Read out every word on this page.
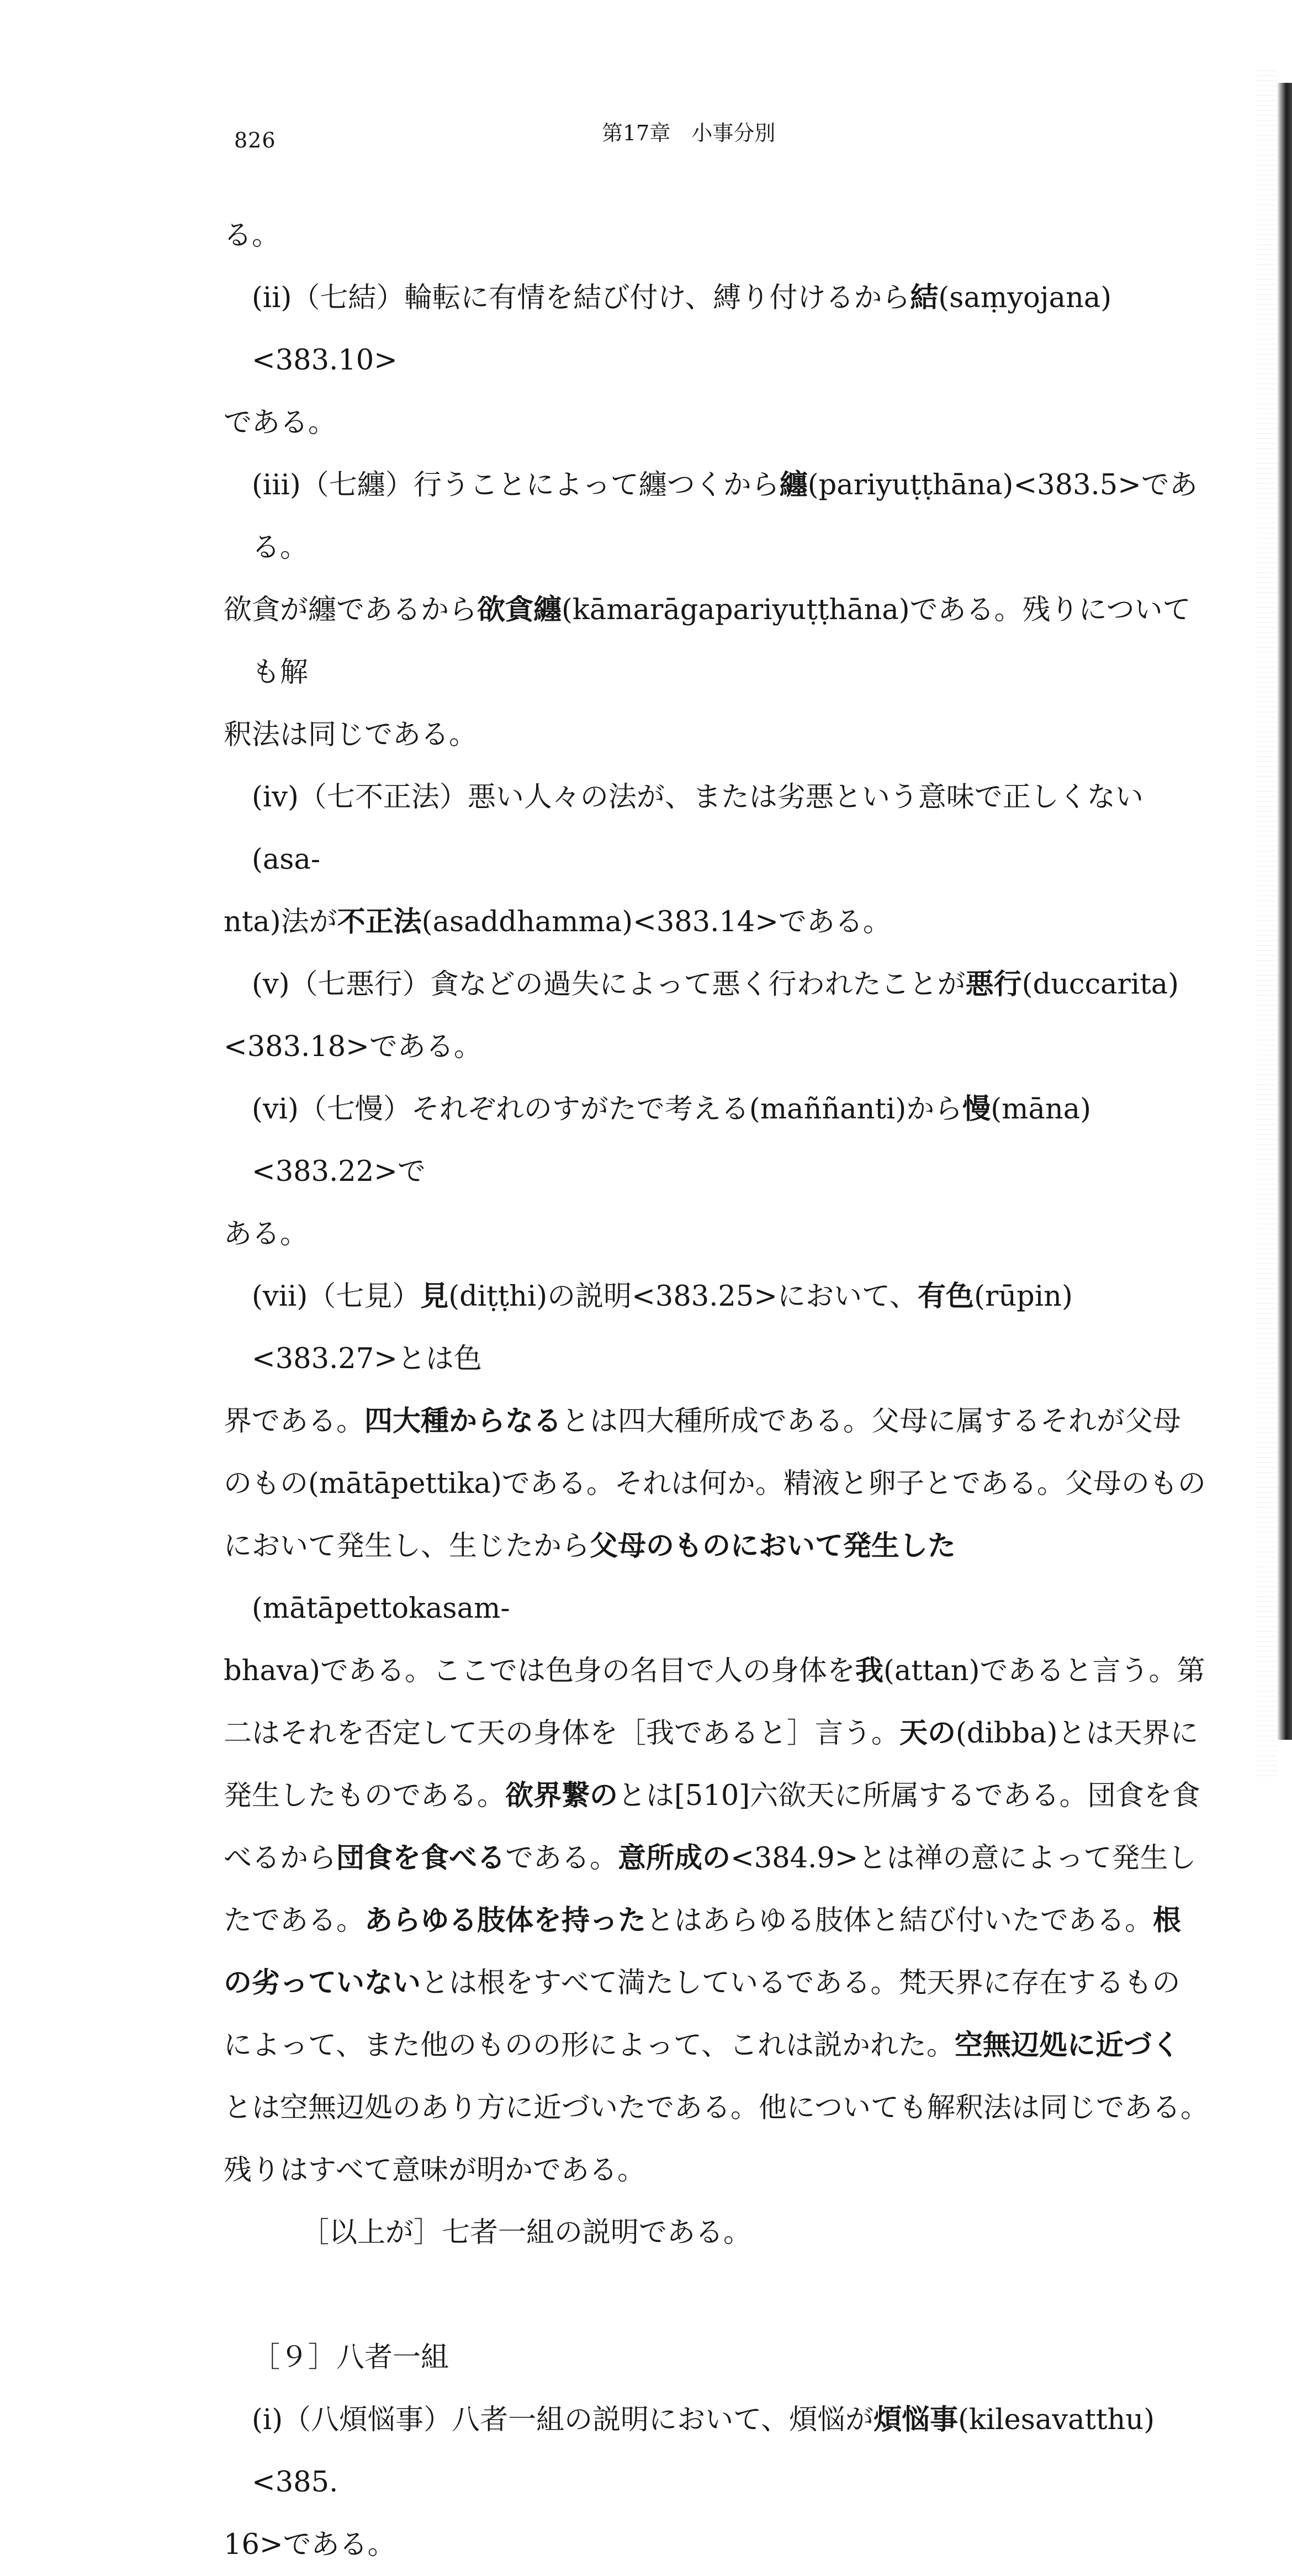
826	第17章　小事分別

る。

(ii)（七結）輪転に有情を結び付け、縛り付けるから結(saṃyojana)<383.10>
である。

(iii)（七纏）行うことによって纏つくから纏(pariyuṭṭhāna)<383.5>である。
欲貪が纏であるから欲貪纏(kāmarāgapariyuṭṭhāna)である。残りについても解
釈法は同じである。

(iv)（七不正法）悪い人々の法が、または劣悪という意味で正しくない(asa-
nta)法が不正法(asaddhamma)<383.14>である。

(v)（七悪行）貪などの過失によって悪く行われたことが悪行(duccarita)
<383.18>である。

(vi)（七慢）それぞれのすがたで考える(maññanti)から慢(māna)<383.22>で
ある。

(vii)（七見）見(diṭṭhi)の説明<383.25>において、有色(rūpin)<383.27>とは色
界である。四大種からなるとは四大種所成である。父母に属するそれが父母
のもの(mātāpettika)である。それは何か。精液と卵子とである。父母のもの
において発生し、生じたから父母のものにおいて発生した(mātāpettokasam-
bhava)である。ここでは色身の名目で人の身体を我(attan)であると言う。第
二はそれを否定して天の身体を［我であると］言う。天の(dibba)とは天界に
発生したものである。欲界繋のとは[510]六欲天に所属するである。団食を食
べるから団食を食べるである。意所成の<384.9>とは禅の意によって発生し
たである。あらゆる肢体を持ったとはあらゆる肢体と結び付いたである。根
の劣っていないとは根をすべて満たしているである。梵天界に存在するもの
によって、また他のものの形によって、これは説かれた。空無辺処に近づく
とは空無辺処のあり方に近づいたである。他についても解釈法は同じである。
残りはすべて意味が明かである。

［以上が］七者一組の説明である。

［９］八者一組

(i)（八煩悩事）八者一組の説明において、煩悩が煩悩事(kilesavatthu)<385.
16>である。
